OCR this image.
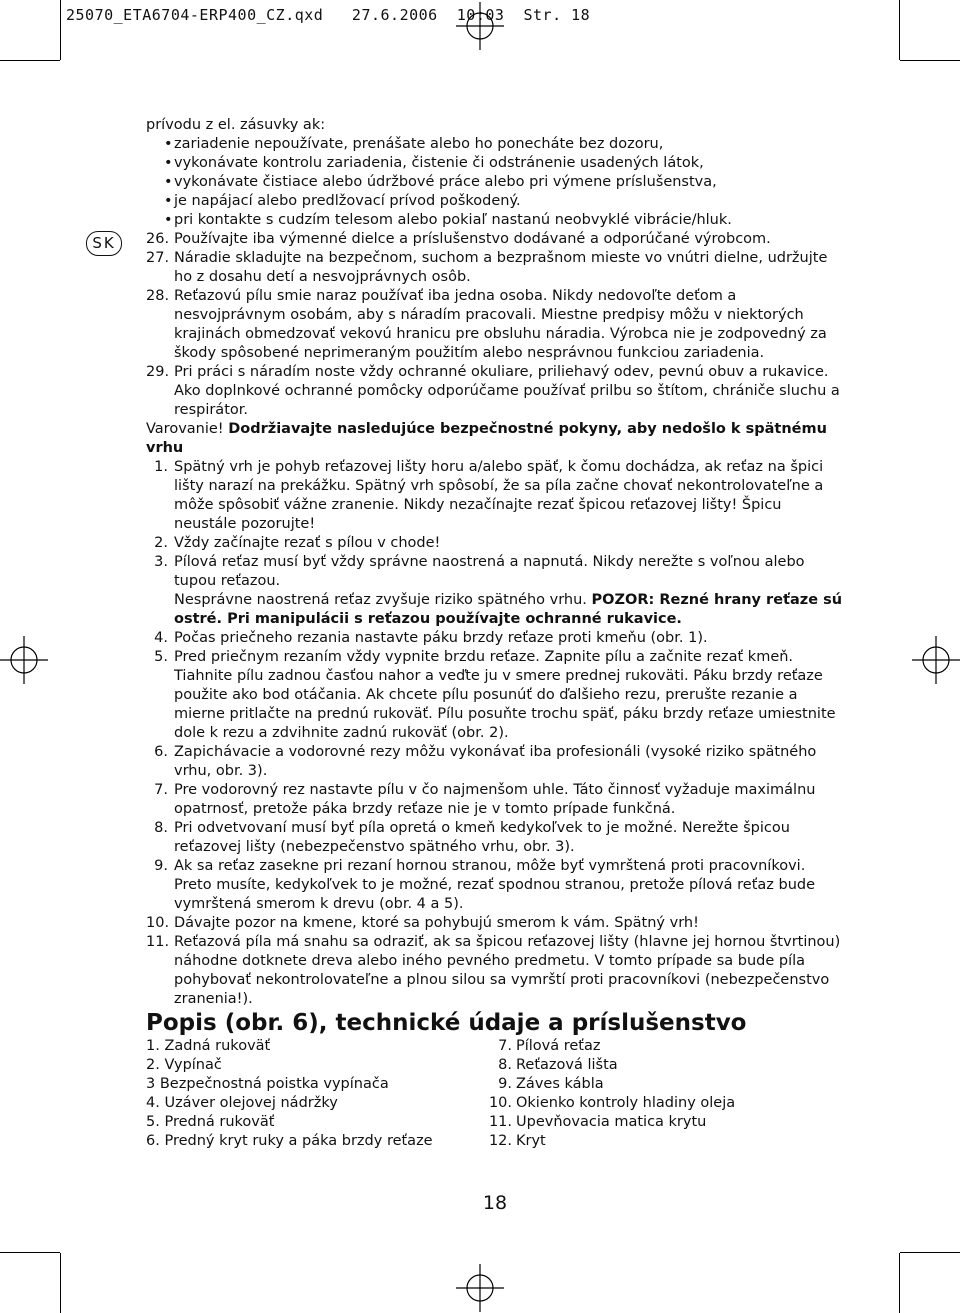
25070_ETA6704-ERP400_CZ.qxd   27.6.2006  10:03  Str. 18
SK

prívodu z el. zásuvky ak:

• zariadenie nepoužívate, prenášate alebo ho ponecháte bez dozoru,
• vykonávate kontrolu zariadenia, čistenie či odstránenie usadených látok,
• vykonávate čistiace alebo údržbové práce alebo pri výmene príslušenstva,
• je napájací alebo predlžovací prívod poškodený.
• pri kontakte s cudzím telesom alebo pokiaľ nastanú neobvyklé vibrácie/hluk.
26. Používajte iba výmenné dielce a príslušenstvo dodávané a odporúčané výrobcom.
27. Náradie skladujte na bezpečnom, suchom a bezprašnom mieste vo vnútri dielne, udržujte ho z dosahu detí a nesvojprávnych osôb.
28. Reťazovú pílu smie naraz používať iba jedna osoba. Nikdy nedovoľte deťom a nesvojprávnym osobám, aby s náradím pracovali. Miestne predpisy môžu v niektorých krajinách obmedzovať vekovú hranicu pre obsluhu náradia. Výrobca nie je zodpovedný za škody spôsobené neprimeraným použitím alebo nesprávnou funkciou zariadenia.
29. Pri práci s náradím noste vždy ochranné okuliare, priliehavý odev, pevnú obuv a rukavice. Ako doplnkové ochranné pomôcky odporúčame používať prilbu so štítom, chrániče sluchu a respirátor.

Varovanie! Dodržiavajte nasledujúce bezpečnostné pokyny, aby nedošlo k spätnému vrhu

1. Spätný vrh je pohyb reťazovej lišty horu a/alebo späť, k čomu dochádza, ak reťaz na špici lišty narazí na prekážku. Spätný vrh spôsobí, že sa píla začne chovať nekontrolovateľne a môže spôsobiť vážne zranenie. Nikdy nezačínajte rezať špicou reťazovej lišty! Špicu neustále pozorujte!
2. Vždy začínajte rezať s pílou v chode!
3. Pílová reťaz musí byť vždy správne naostrená a napnutá. Nikdy nerežte s voľnou alebo tupou reťazou.
Nesprávne naostrená reťaz zvyšuje riziko spätného vrhu. POZOR: Rezné hrany reťaze sú ostré. Pri manipulácii s reťazou používajte ochranné rukavice.
4. Počas priečneho rezania nastavte páku brzdy reťaze proti kmeňu (obr. 1).
5. Pred priečnym rezaním vždy vypnite brzdu reťaze. Zapnite pílu a začnite rezať kmeň. Tiahnite pílu zadnou časťou nahor a veďte ju v smere prednej rukoväti. Páku brzdy reťaze použite ako bod otáčania. Ak chcete pílu posunúť do ďalšieho rezu, prerušte rezanie a mierne pritlačte na prednú rukoväť. Pílu posuňte trochu späť, páku brzdy reťaze umiestnite dole k rezu a zdvihnite zadnú rukoväť (obr. 2).
6. Zapichávacie a vodorovné rezy môžu vykonávať iba profesionáli (vysoké riziko spätného vrhu, obr. 3).
7. Pre vodorovný rez nastavte pílu v čo najmenšom uhle. Táto činnosť vyžaduje maximálnu opatrnosť, pretože páka brzdy reťaze nie je v tomto prípade funkčná.
8. Pri odvetvovaní musí byť píla opretá o kmeň kedykoľvek to je možné. Nerežte špicou reťazovej lišty (nebezpečenstvo spätného vrhu, obr. 3).
9. Ak sa reťaz zasekne pri rezaní hornou stranou, môže byť vymrštená proti pracovníkovi. Preto musíte, kedykoľvek to je možné, rezať spodnou stranou, pretože pílová reťaz bude vymrštená smerom k drevu (obr. 4 a 5).
10. Dávajte pozor na kmene, ktoré sa pohybujú smerom k vám. Spätný vrh!
11. Reťazová píla má snahu sa odraziť, ak sa špicou reťazovej lišty (hlavne jej hornou štvrtinou) náhodne dotknete dreva alebo iného pevného predmetu. V tomto prípade sa bude píla pohybovať nekontrolovateľne a plnou silou sa vymrští proti pracovníkovi (nebezpečenstvo zranenia!).

Popis (obr. 6), technické údaje a príslušenstvo

1. Zadná rukoväť
2. Vypínač
3 Bezpečnostná poistka vypínača
4. Uzáver olejovej nádržky
5. Predná rukoväť
6. Predný kryt ruky a páka brzdy reťaze
7. Pílová reťaz
8. Reťazová lišta
9. Záves kábla
10. Okienko kontroly hladiny oleja
11. Upevňovacia matica krytu
12. Kryt
18
